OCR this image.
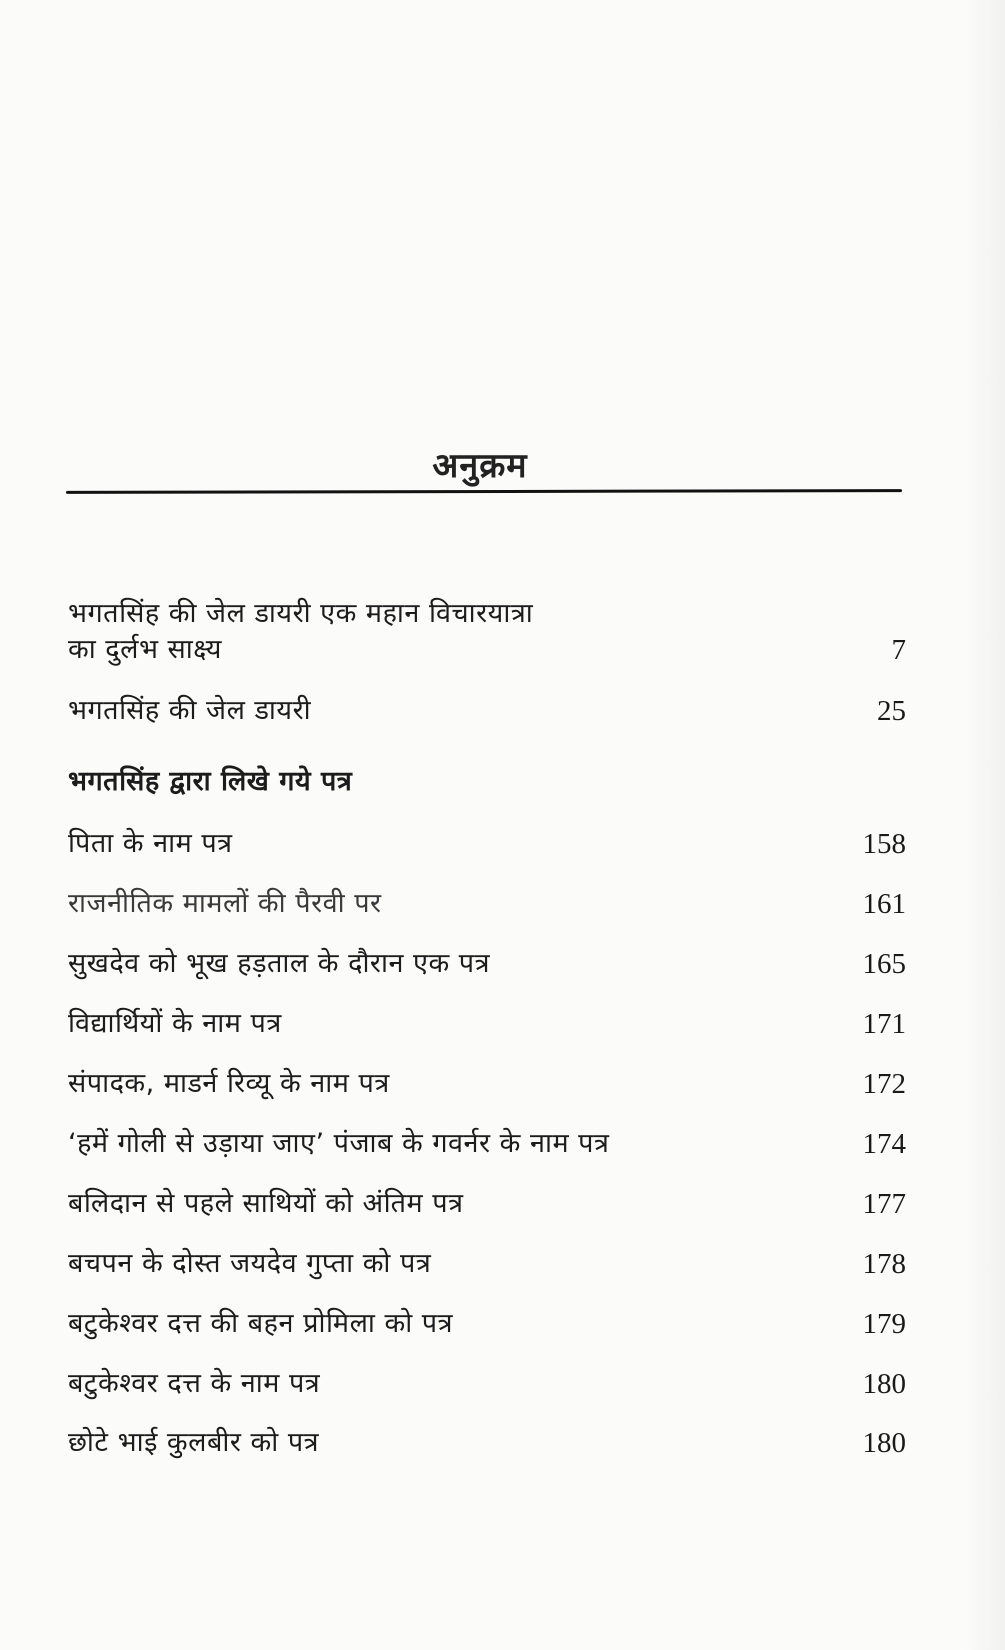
अनुक्रम
भगतसिंह की जेल डायरी एक महान विचारयात्रा
का दुर्लभ साक्ष्य	7
भगतसिंह की जेल डायरी	25
भगतसिंह द्वारा लिखे गये पत्र
पिता के नाम पत्र	158
राजनीतिक मामलों की पैरवी पर	161
सुखदेव को भूख हड़ताल के दौरान एक पत्र	165
विद्यार्थियों के नाम पत्र	171
संपादक, माडर्न रिव्यू के नाम पत्र	172
‘हमें गोली से उड़ाया जाए’ पंजाब के गवर्नर के नाम पत्र	174
बलिदान से पहले साथियों को अंतिम पत्र	177
बचपन के दोस्त जयदेव गुप्ता को पत्र	178
बटुकेश्वर दत्त की बहन प्रोमिला को पत्र	179
बटुकेश्वर दत्त के नाम पत्र	180
छोटे भाई कुलबीर को पत्र	180
